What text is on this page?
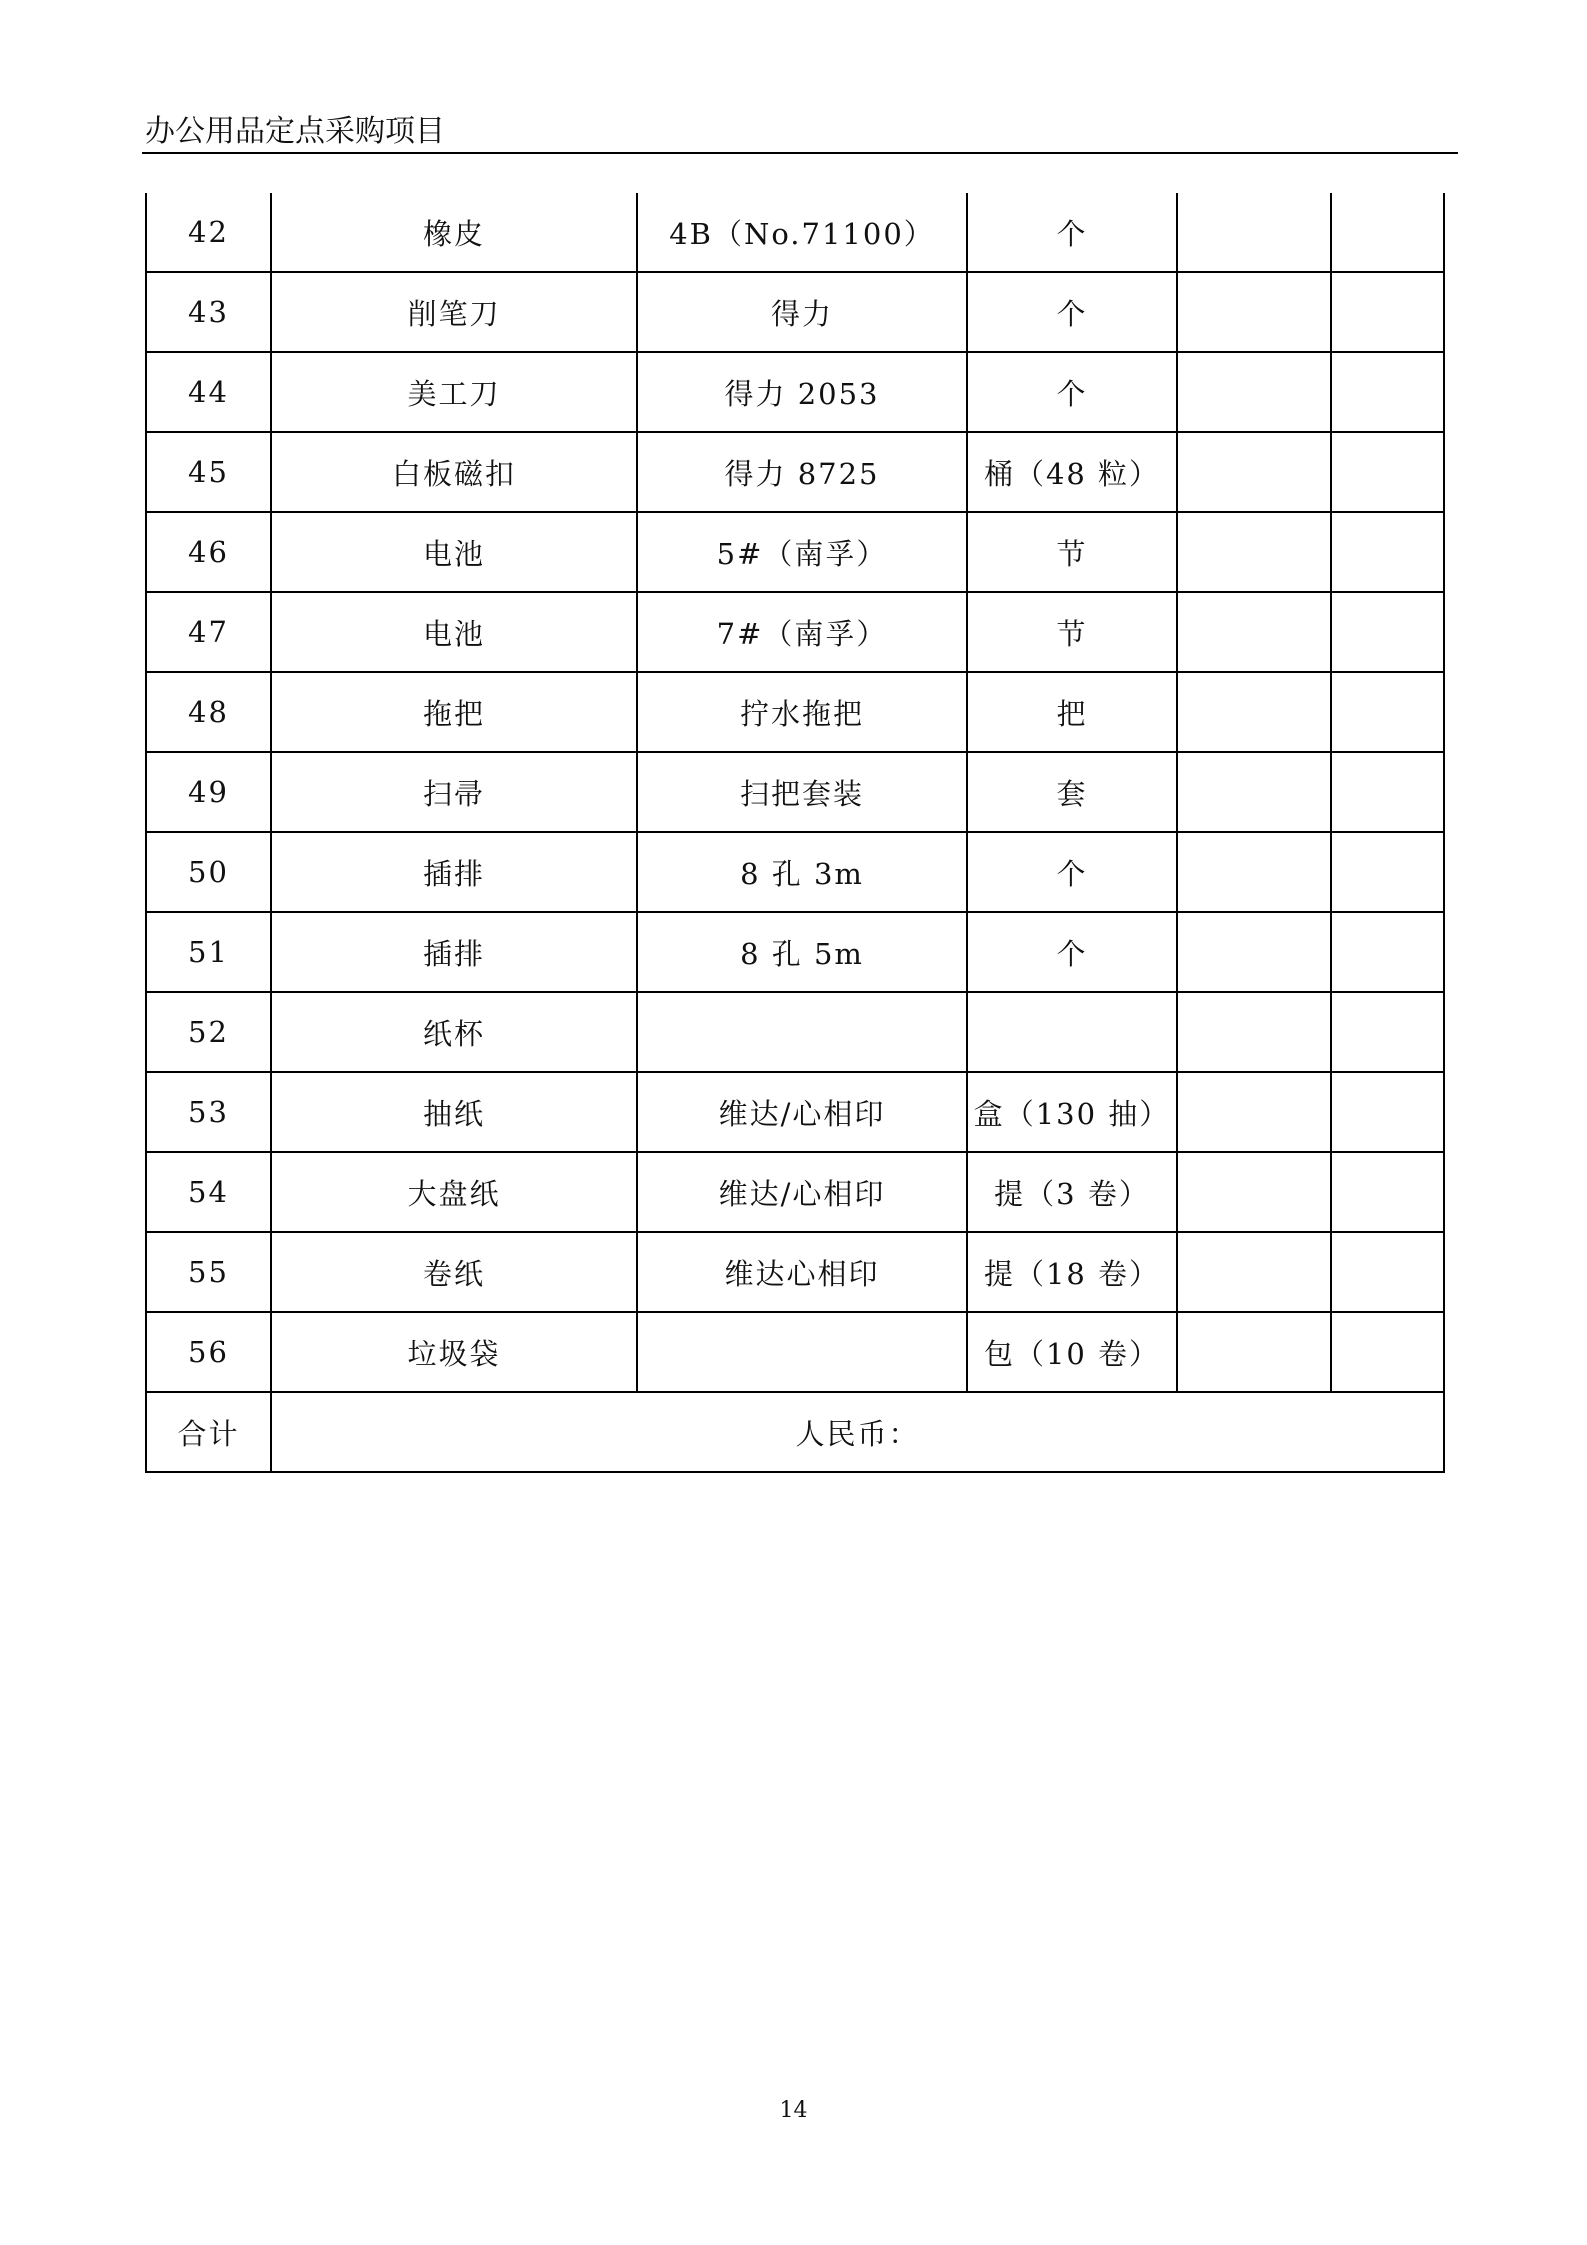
办公用品定点采购项目
42	橡皮	4B（No.71100）	个		
43	削笔刀	得力	个		
44	美工刀	得力 2053	个		
45	白板磁扣	得力 8725	桶（48 粒）		
46	电池	5#（南孚）	节		
47	电池	7#（南孚）	节		
48	拖把	拧水拖把	把		
49	扫帚	扫把套装	套		
50	插排	8 孔 3m	个		
51	插排	8 孔 5m	个		
52	纸杯				
53	抽纸	维达/心相印	盒（130 抽）		
54	大盘纸	维达/心相印	提（3 卷）		
55	卷纸	维达心相印	提（18 卷）		
56	垃圾袋		包（10 卷）		
合计	人民币：				
14
